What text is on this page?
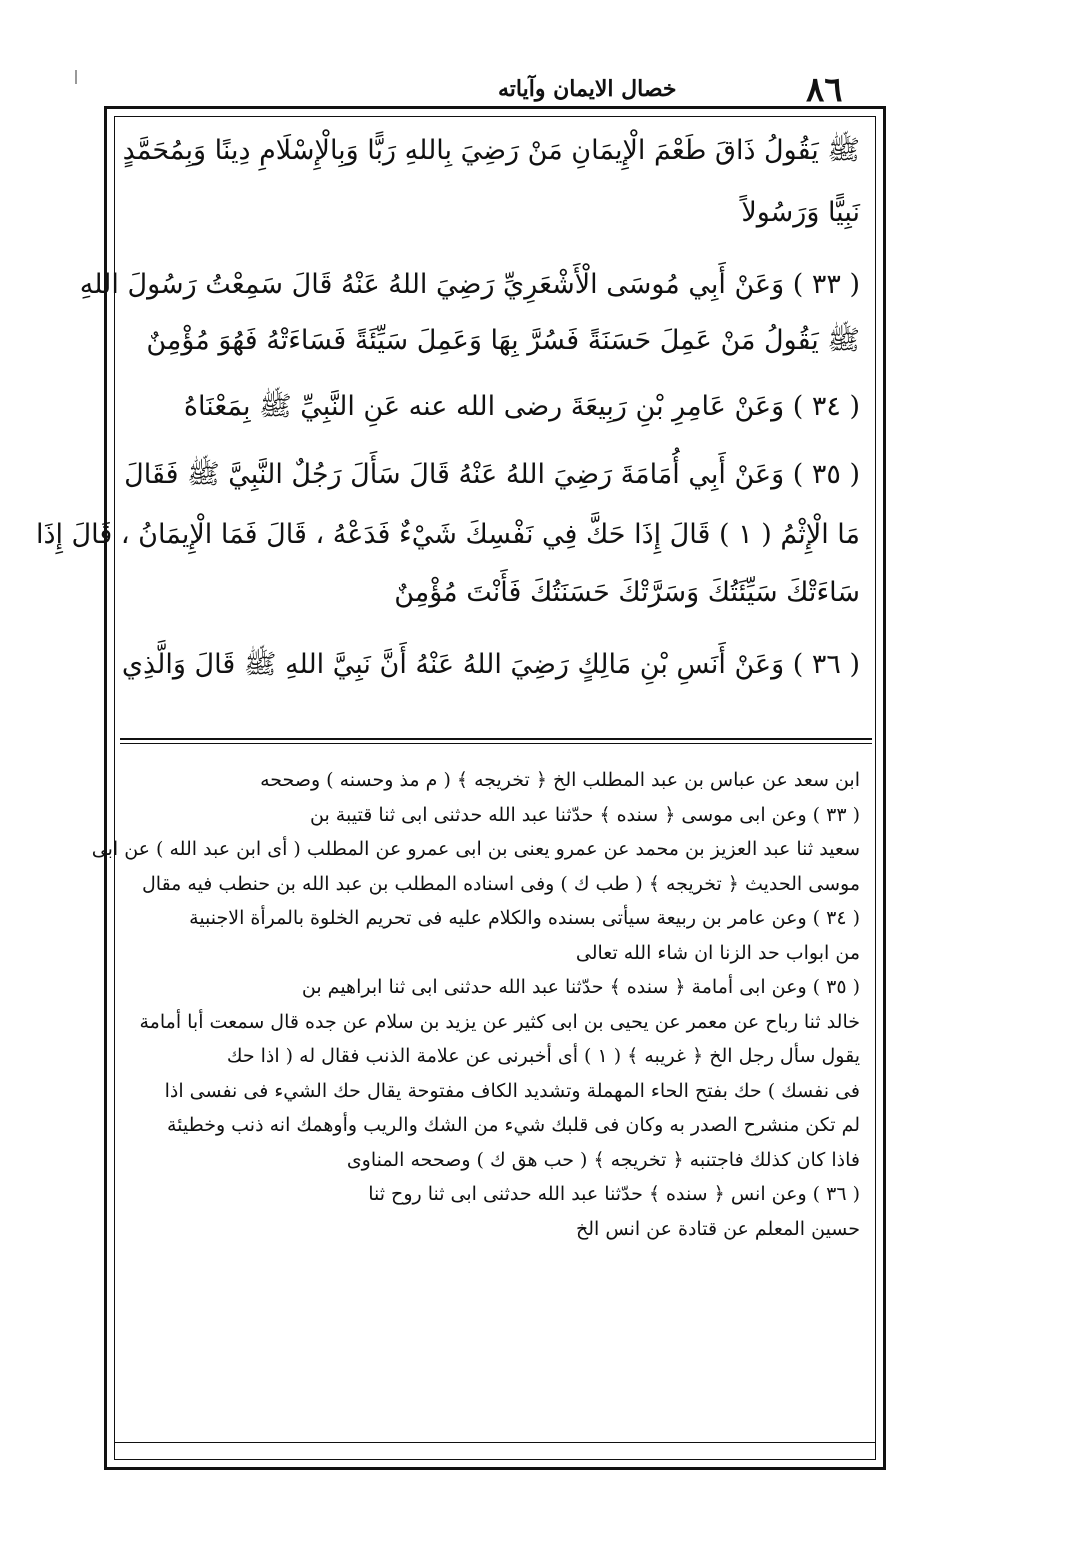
٨٦
خصال الايمان وآياته
ﷺ يَقُولُ ذَاقَ طَعْمَ الْإِيمَانِ مَنْ رَضِيَ بِاللهِ رَبًّا وَبِالْإِسْلَامِ دِينًا وَبِمُحَمَّدٍ
نَبِيًّا وَرَسُولاً
( ٣٣ ) وَعَنْ أَبِي مُوسَى الْأَشْعَرِيِّ رَضِيَ اللهُ عَنْهُ قَالَ سَمِعْتُ رَسُولَ اللهِ
ﷺ يَقُولُ مَنْ عَمِلَ حَسَنَةً فَسُرَّ بِهَا وَعَمِلَ سَيِّئَةً فَسَاءَتْهُ فَهُوَ مُؤْمِنٌ
( ٣٤ ) وَعَنْ عَامِرِ بْنِ رَبِيعَةَ رضى الله عنه عَنِ النَّبِيِّ ﷺ بِمَعْنَاهُ
( ٣٥ ) وَعَنْ أَبِي أُمَامَةَ رَضِيَ اللهُ عَنْهُ قَالَ سَأَلَ رَجُلٌ النَّبِيَّ ﷺ فَقَالَ
مَا الْإِثْمُ ( ١ ) قَالَ إِذَا حَكَّ فِي نَفْسِكَ شَيْءٌ فَدَعْهُ ، قَالَ فَمَا الْإِيمَانُ ، قَالَ إِذَا
سَاءَتْكَ سَيِّئَتُكَ وَسَرَّتْكَ حَسَنَتُكَ فَأَنْتَ مُؤْمِنٌ
( ٣٦ ) وَعَنْ أَنَسِ بْنِ مَالِكٍ رَضِيَ اللهُ عَنْهُ أَنَّ نَبِيَّ اللهِ ﷺ قَالَ وَالَّذِي
ابن سعد عن عباس بن عبد المطلب الخ ﴿ تخريجه ﴾ ( م مذ وحسنه ) وصححه
( ٣٣ ) وعن ابى موسى ﴿ سنده ﴾ حدّثنا عبد الله حدثنى ابى ثنا قتيبة بن
سعيد ثنا عبد العزيز بن محمد عن عمرو يعنى بن ابى عمرو عن المطلب ( أى ابن عبد الله ) عن ابى
موسى الحديث ﴿ تخريجه ﴾ ( طب ك ) وفى اسناده المطلب بن عبد الله بن حنطب فيه مقال
( ٣٤ ) وعن عامر بن ربيعة سيأتى بسنده والكلام عليه فى تحريم الخلوة بالمرأة الاجنبية
من ابواب حد الزنا ان شاء الله تعالى
( ٣٥ ) وعن ابى أمامة ﴿ سنده ﴾ حدّثنا عبد الله حدثنى ابى ثنا ابراهيم بن
خالد ثنا رباح عن معمر عن يحيى بن ابى كثير عن يزيد بن سلام عن جده قال سمعت أبا أمامة
يقول سأل رجل الخ ﴿ غريبه ﴾ ( ١ ) أى أخبرنى عن علامة الذنب فقال له ( اذا حك
فى نفسك ) حك بفتح الحاء المهملة وتشديد الكاف مفتوحة يقال حك الشيء فى نفسى اذا
لم تكن منشرح الصدر به وكان فى قلبك شيء من الشك والريب وأوهمك انه ذنب وخطيئة
فاذا كان كذلك فاجتنبه ﴿ تخريجه ﴾ ( حب هق ك ) وصححه المناوى
( ٣٦ ) وعن انس ﴿ سنده ﴾ حدّثنا عبد الله حدثنى ابى ثنا روح ثنا
حسين المعلم عن قتادة عن انس الخ
